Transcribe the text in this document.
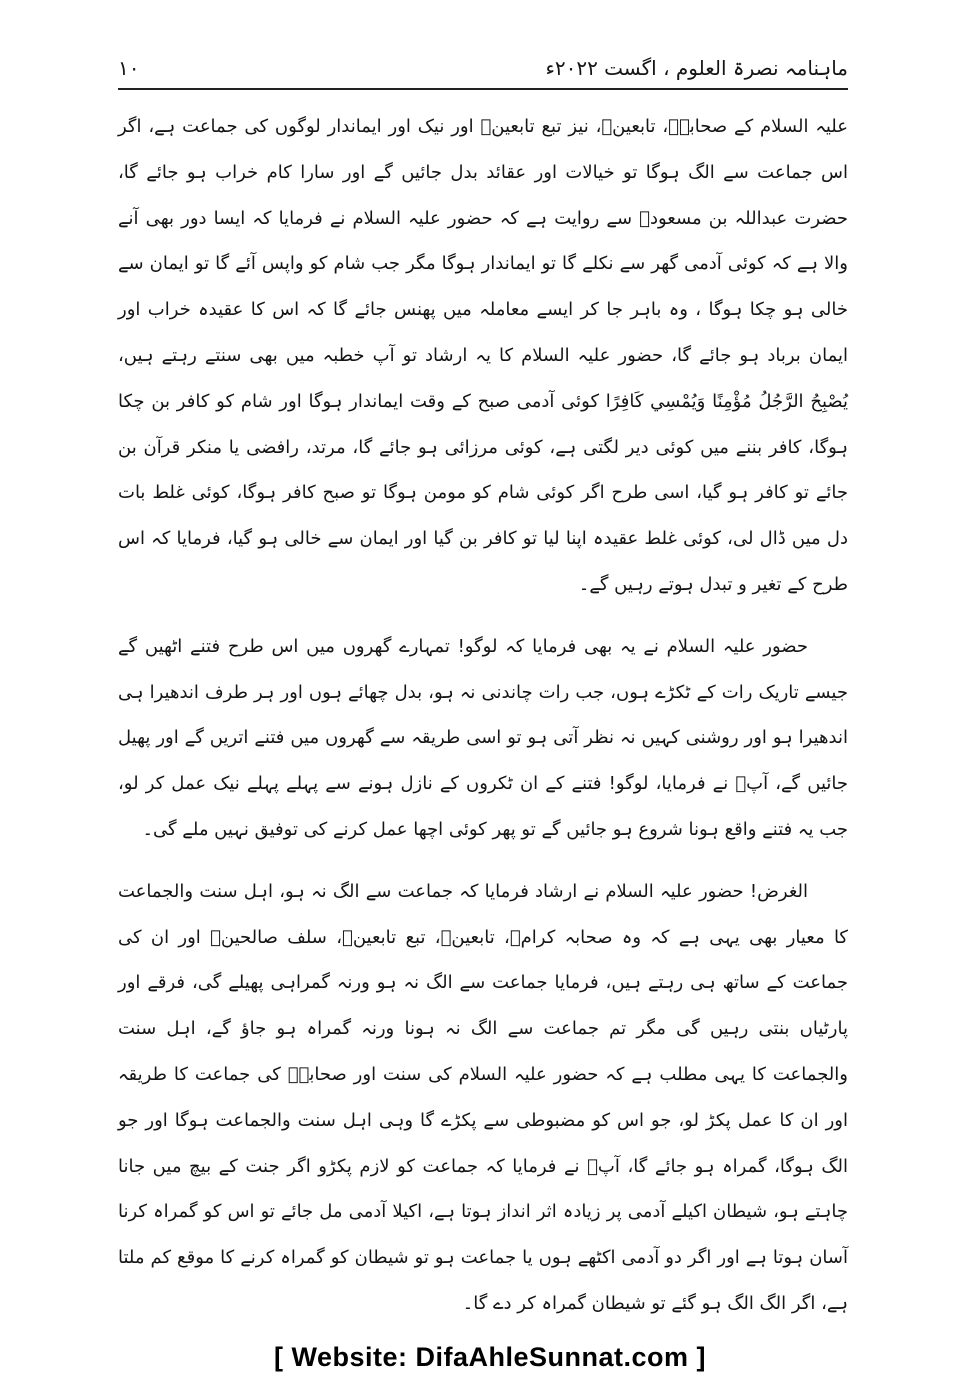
ماہنامہ نصرۃ العلوم ، اگست ۲۰۲۲ء
۱۰

علیہ السلام کے صحابہؓ، تابعینؒ، نیز تبع تابعینؒ اور نیک اور ایماندار لوگوں کی جماعت ہے، اگر اس جماعت سے الگ ہوگا تو خیالات اور عقائد بدل جائیں گے اور سارا کام خراب ہو جائے گا، حضرت عبداللہ بن مسعودؓ سے روایت ہے کہ حضور علیہ السلام نے فرمایا کہ ایسا دور بھی آنے والا ہے کہ کوئی آدمی گھر سے نکلے گا تو ایماندار ہوگا مگر جب شام کو واپس آئے گا تو ایمان سے خالی ہو چکا ہوگا ، وہ باہر جا کر ایسے معاملہ میں پھنس جائے گا کہ اس کا عقیدہ خراب اور ایمان برباد ہو جائے گا، حضور علیہ السلام کا یہ ارشاد تو آپ خطبہ میں بھی سنتے رہتے ہیں، يُصْبِحُ الرَّجُلُ مُؤْمِنًا وَيُمْسِي كَافِرًا کوئی آدمی صبح کے وقت ایماندار ہوگا اور شام کو کافر بن چکا ہوگا، کافر بننے میں کوئی دیر لگتی ہے، کوئی مرزائی ہو جائے گا، مرتد، رافضی یا منکر قرآن بن جائے تو کافر ہو گیا، اسی طرح اگر کوئی شام کو مومن ہوگا تو صبح کافر ہوگا، کوئی غلط بات دل میں ڈال لی، کوئی غلط عقیدہ اپنا لیا تو کافر بن گیا اور ایمان سے خالی ہو گیا، فرمایا کہ اس طرح کے تغیر و تبدل ہوتے رہیں گے۔

حضور علیہ السلام نے یہ بھی فرمایا کہ لوگو! تمہارے گھروں میں اس طرح فتنے اٹھیں گے جیسے تاریک رات کے ٹکڑے ہوں، جب رات چاندنی نہ ہو، بدل چھائے ہوں اور ہر طرف اندھیرا ہی اندھیرا ہو اور روشنی کہیں نہ نظر آتی ہو تو اسی طریقہ سے گھروں میں فتنے اتریں گے اور پھیل جائیں گے، آپؐ نے فرمایا، لوگو! فتنے کے ان ٹکروں کے نازل ہونے سے پہلے پہلے نیک عمل کر لو، جب یہ فتنے واقع ہونا شروع ہو جائیں گے تو پھر کوئی اچھا عمل کرنے کی توفیق نہیں ملے گی۔

الغرض! حضور علیہ السلام نے ارشاد فرمایا کہ جماعت سے الگ نہ ہو، اہل سنت والجماعت کا معیار بھی یہی ہے کہ وہ صحابہ کرامؓ، تابعینؒ، تبع تابعینؒ، سلف صالحینؒ اور ان کی جماعت کے ساتھ ہی رہتے ہیں، فرمایا جماعت سے الگ نہ ہو ورنہ گمراہی پھیلے گی، فرقے اور پارٹیاں بنتی رہیں گی مگر تم جماعت سے الگ نہ ہونا ورنہ گمراہ ہو جاؤ گے، اہل سنت والجماعت کا یہی مطلب ہے کہ حضور علیہ السلام کی سنت اور صحابہؓ کی جماعت کا طریقہ اور ان کا عمل پکڑ لو، جو اس کو مضبوطی سے پکڑے گا وہی اہل سنت والجماعت ہوگا اور جو الگ ہوگا، گمراہ ہو جائے گا، آپؐ نے فرمایا کہ جماعت کو لازم پکڑو اگر جنت کے بیچ میں جانا چاہتے ہو، شیطان اکیلے آدمی پر زیادہ اثر انداز ہوتا ہے، اکیلا آدمی مل جائے تو اس کو گمراہ کرنا آسان ہوتا ہے اور اگر دو آدمی اکٹھے ہوں یا جماعت ہو تو شیطان کو گمراہ کرنے کا موقع کم ملتا ہے، اگر الگ الگ ہو گئے تو شیطان گمراہ کر دے گا۔

[ Website: DifaAhleSunnat.com ]
